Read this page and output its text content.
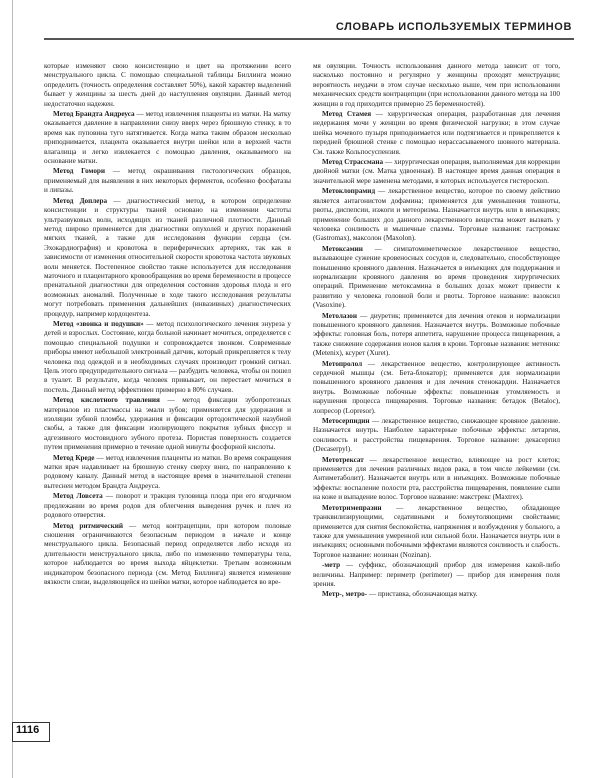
СЛОВАРЬ ИСПОЛЬЗУЕМЫХ ТЕРМИНОВ

которые изменяют свою консистенцию и цвет на протяжении всего менструального цикла. С помощью специальной таблицы Биллинга можно определить (точность определения составляет 50%), какой характер выделений бывает у женщины за шесть дней до наступления овуляции. Данный метод недостаточно надежен.

Метод Брандта Андреуса — метод извлечения плаценты из матки. На матку оказывается давление в направлении снизу вверх через брюшную стенку, в то время как пуповина туго натягивается. Когда матка таким образом несколько приподнимается, плацента оказывается внутри шейки или в верхней части влагалища и легко извлекается с помощью давления, оказываемого на основание матки.

Метод Гомори — метод окрашивания гистологических образцов, применяемый для выявления в них некоторых ферментов, особенно фосфатазы и липазы.

Метод Доплера — диагностический метод, в котором определение консистенции и структуры тканей основано на изменении частоты ультразвуковых волн, исходящих из тканей различной плотности. Данный метод широко применяется для диагностики опухолей и других поражений мягких тканей, а также для исследования функции сердца (см. Эхокардиография) и кровотока в периферических артериях, так как в зависимости от изменения относительной скорости кровотока частота звуковых волн меняется. Постепенное свойство также используется для исследования маточного и плацентарного кровообращения во время беременности в процессе пренатальной диагностики для определения состояния здоровья плода и его возможных аномалий. Полученные в ходе такого исследования результаты могут потребовать применения дальнейших (инвазивных) диагностических процедур, например кордоцентеза.

Метод «звонка и подушки» — метод психологического лечения энуреза у детей и взрослых. Состояние, когда больной начинает мочиться, определяется с помощью специальной подушки и сопровождается звонком. Современные приборы имеют небольшой электронный датчик, который прикрепляется к телу человека под одеждой и в необходимых случаях производит громкий сигнал. Цель этого предупредительного сигнала — разбудить человека, чтобы он пошел в туалет. В результате, когда человек привыкает, он перестает мочиться в постель. Данный метод эффективен примерно в 80% случаев.

Метод кислотного травления — метод фиксации зубопротезных материалов из пластмассы на эмали зубов; применяется для удержания и изоляции зубной пломбы, удержания и фиксации ортодонтической назубной скобы, а также для фиксации изолирующего покрытия зубных фиссур и адгезивного мостовидного зубного протеза. Пористая поверхность создается путем применения примерно в течение одной минуты фосфорной кислоты.

Метод Креде — метод извлечения плаценты из матки. Во время сокращения матки врач надавливает на брюшную стенку сверху вниз, по направлению к родовому каналу. Данный метод в настоящее время в значительной степени вытеснен методом Брандта Андреуса.

Метод Ловсета — поворот и тракция туловища плода при его ягодичном предлежании во время родов для облегчения выведения ручек и плеч из родового отверстия.

Метод ритмический — метод контрацепции, при котором половые сношения ограничиваются безопасным периодом в начале и конце менструального цикла. Безопасный период определяется либо исходя из длительности менструального цикла, либо по изменению температуры тела, которое наблюдается во время выхода яйцеклетки. Третьим возможным индикатором безопасного периода (см. Метод Биллинга) является изменение вязкости слизи, выделяющейся из шейки матки, которое наблюдается во вре-

мя овуляции. Точность использования данного метода зависит от того, насколько постоянно и регулярно у женщины проходят менструации; вероятность неудачи в этом случае несколько выше, чем при использовании механических средств контрацепции (при использовании данного метода на 100 женщин в год приходится примерно 25 беременностей).

Метод Стамея — хирургическая операция, разработанная для лечения недержания мочи у женщин во время физической нагрузки; в этом случае шейка мочевого пузыря приподнимается или подтягивается и прикрепляется к передней брюшной стенке с помощью нерассасываемого шовного материала. См. также Кольпосуспензия.

Метод Страссмана — хирургическая операция, выполняемая для коррекции двойной матки (см. Матка удвоенная). В настоящее время данная операция в значительной мере заменена методами, в которых используется гистероскоп.

Метоклопрамид — лекарственное вещество, которое по своему действию является антагонистом дофамина; применяется для уменьшения тошноты, рвоты, диспепсии, изжоги и метеоризма. Назначается внутрь или в инъекциях; применение больших доз данного лекарственного вещества может вызвать у человека сонливость и мышечные спазмы. Торговые названия: гастромакс (Gastromax), максолон (Maxolon).

Метоксамин — симпатомиметическое лекарственное вещество, вызывающее сужение кровеносных сосудов и, следовательно, способствующее повышению кровяного давления. Назначается в инъекциях для поддержания и нормализации кровяного давления во время проведения хирургических операций. Применение метоксамина в больших дозах может привести к развитию у человека головной боли и рвоты. Торговое название: вазоксил (Vasoxine).

Метолазон — диуретик; применяется для лечения отеков и нормализации повышенного кровяного давления. Назначается внутрь. Возможные побочные эффекты: головная боль, потеря аппетита, нарушение процесса пищеварения, а также снижение содержания ионов калия в крови. Торговые названия: метеникс (Metenix), ксурет (Xuret).

Метопролол — лекарственное вещество, контролирующее активность сердечной мышцы (см. Бета-блокатор); применяется для нормализации повышенного кровяного давления и для лечения стенокардии. Назначается внутрь. Возможные побочные эффекты: повышенная утомляемость и нарушения процесса пищеварения. Торговые названия: бетадок (Betaloc), лопресор (Lopresor).

Метосерпидин — лекарственное вещество, снижающее кровяное давление. Назначается внутрь. Наиболее характерные побочные эффекты: летаргия, сонливость и расстройства пищеварения. Торговое название: декасерпил (Decaserpyl).

Метотрексат — лекарственное вещество, влияющее на рост клеток; применяется для лечения различных видов рака, в том числе лейкемии (см. Антиметаболит). Назначается внутрь или в инъекциях. Возможные побочные эффекты: воспаление полости рта, расстройства пищеварения, появление сыпи на коже и выпадение волос. Торговое название: макстрекс (Maxtrex).

Метотримепразин — лекарственное вещество, обладающее транквилизирующими, седативными и болеутоляющими свойствами; применяется для снятия беспокойства, напряжения и возбуждения у больного, а также для уменьшения умеренной или сильной боли. Назначается внутрь или в инъекциях; основными побочными эффектами являются сонливость и слабость. Торговое название: нозинан (Nozinan).

-метр — суффикс, обозначающий прибор для измерения какой-либо величины. Например: периметр (perimeter) — прибор для измерения поля зрения.

Метр-, метро- — приставка, обозначающая матку.

1116
